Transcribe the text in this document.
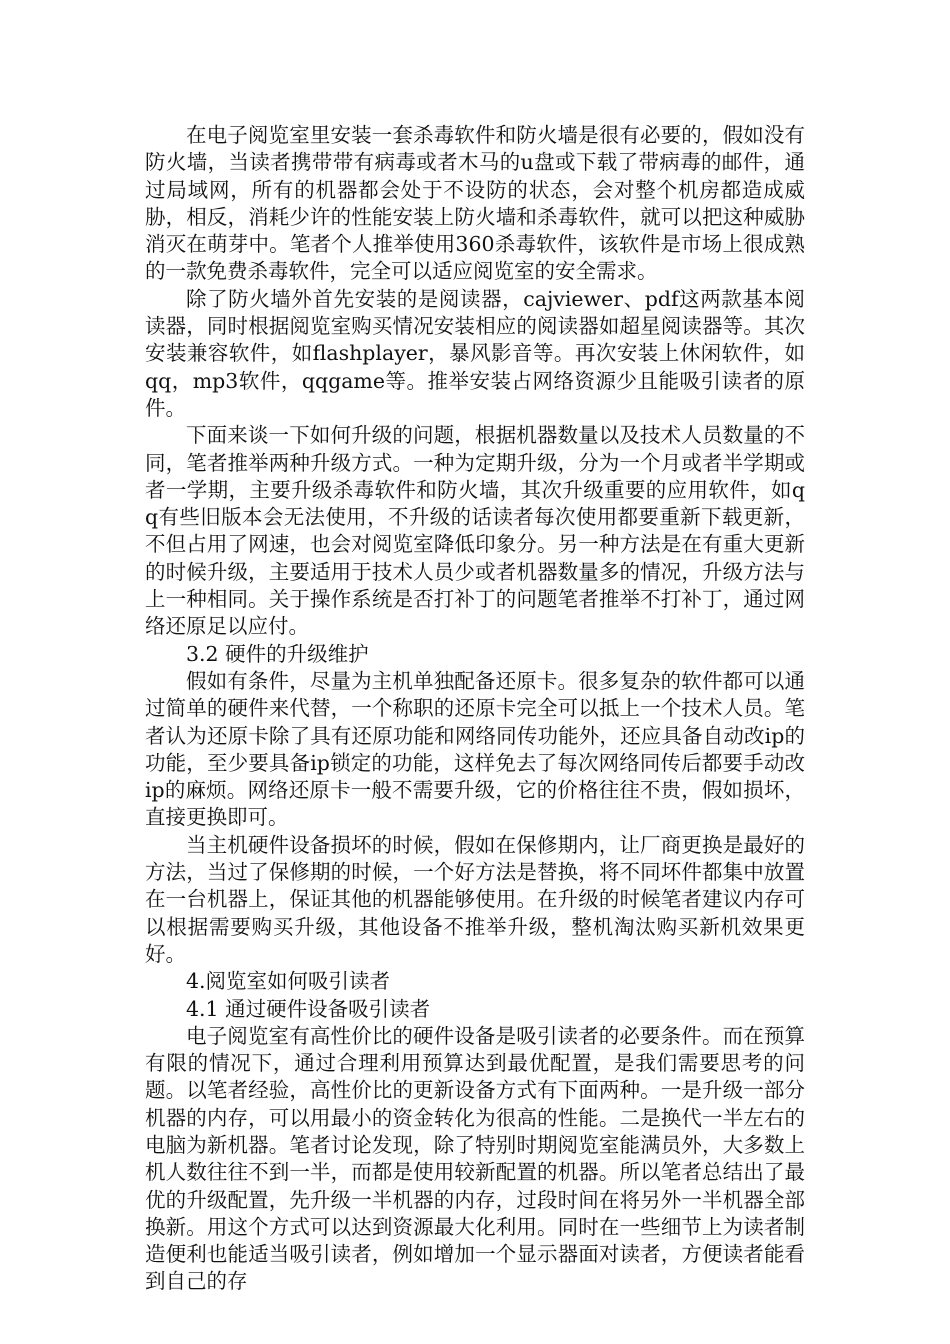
在电子阅览室里安装一套杀毒软件和防火墙是很有必要的，假如没有防火墙，当读者携带带有病毒或者木马的u盘或下载了带病毒的邮件，通过局域网，所有的机器都会处于不设防的状态，会对整个机房都造成威胁，相反，消耗少许的性能安装上防火墙和杀毒软件，就可以把这种威胁消灭在萌芽中。笔者个人推举使用360杀毒软件，该软件是市场上很成熟的一款免费杀毒软件，完全可以适应阅览室的安全需求。

除了防火墙外首先安装的是阅读器，cajviewer、pdf这两款基本阅读器，同时根据阅览室购买情况安装相应的阅读器如超星阅读器等。其次安装兼容软件，如flashplayer，暴风影音等。再次安装上休闲软件，如qq，mp3软件，qqgame等。推举安装占网络资源少且能吸引读者的原件。

下面来谈一下如何升级的问题，根据机器数量以及技术人员数量的不同，笔者推举两种升级方式。一种为定期升级，分为一个月或者半学期或者一学期，主要升级杀毒软件和防火墙，其次升级重要的应用软件，如qq有些旧版本会无法使用，不升级的话读者每次使用都要重新下载更新，不但占用了网速，也会对阅览室降低印象分。另一种方法是在有重大更新的时候升级，主要适用于技术人员少或者机器数量多的情况，升级方法与上一种相同。关于操作系统是否打补丁的问题笔者推举不打补丁，通过网络还原足以应付。

3.2 硬件的升级维护

假如有条件，尽量为主机单独配备还原卡。很多复杂的软件都可以通过简单的硬件来代替，一个称职的还原卡完全可以抵上一个技术人员。笔者认为还原卡除了具有还原功能和网络同传功能外，还应具备自动改ip的功能，至少要具备ip锁定的功能，这样免去了每次网络同传后都要手动改ip的麻烦。网络还原卡一般不需要升级，它的价格往往不贵，假如损坏，直接更换即可。

当主机硬件设备损坏的时候，假如在保修期内，让厂商更换是最好的方法，当过了保修期的时候，一个好方法是替换，将不同坏件都集中放置在一台机器上，保证其他的机器能够使用。在升级的时候笔者建议内存可以根据需要购买升级，其他设备不推举升级，整机淘汰购买新机效果更好。

4.阅览室如何吸引读者

4.1 通过硬件设备吸引读者

电子阅览室有高性价比的硬件设备是吸引读者的必要条件。而在预算有限的情况下，通过合理利用预算达到最优配置，是我们需要思考的问题。以笔者经验，高性价比的更新设备方式有下面两种。一是升级一部分机器的内存，可以用最小的资金转化为很高的性能。二是换代一半左右的电脑为新机器。笔者讨论发现，除了特别时期阅览室能满员外，大多数上机人数往往不到一半，而都是使用较新配置的机器。所以笔者总结出了最优的升级配置，先升级一半机器的内存，过段时间在将另外一半机器全部换新。用这个方式可以达到资源最大化利用。同时在一些细节上为读者制造便利也能适当吸引读者，例如增加一个显示器面对读者，方便读者能看到自己的存
